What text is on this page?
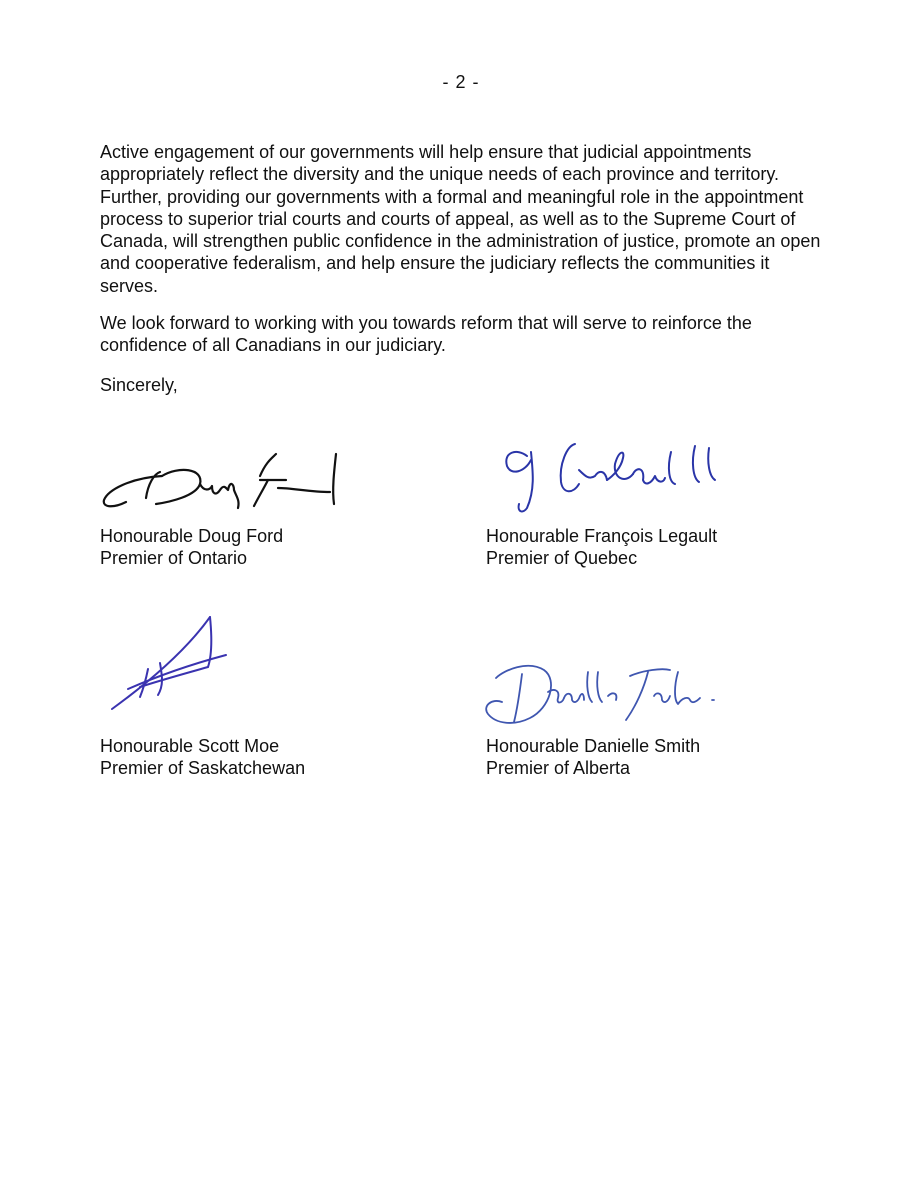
- 2 -
Active engagement of our governments will help ensure that judicial appointments appropriately reflect the diversity and the unique needs of each province and territory. Further, providing our governments with a formal and meaningful role in the appointment process to superior trial courts and courts of appeal, as well as to the Supreme Court of Canada, will strengthen public confidence in the administration of justice, promote an open and cooperative federalism, and help ensure the judiciary reflects the communities it serves.
We look forward to working with you towards reform that will serve to reinforce the confidence of all Canadians in our judiciary.
Sincerely,
Honourable Doug Ford
Premier of Ontario
Honourable François Legault
Premier of Quebec
Honourable Scott Moe
Premier of Saskatchewan
Honourable Danielle Smith
Premier of Alberta
